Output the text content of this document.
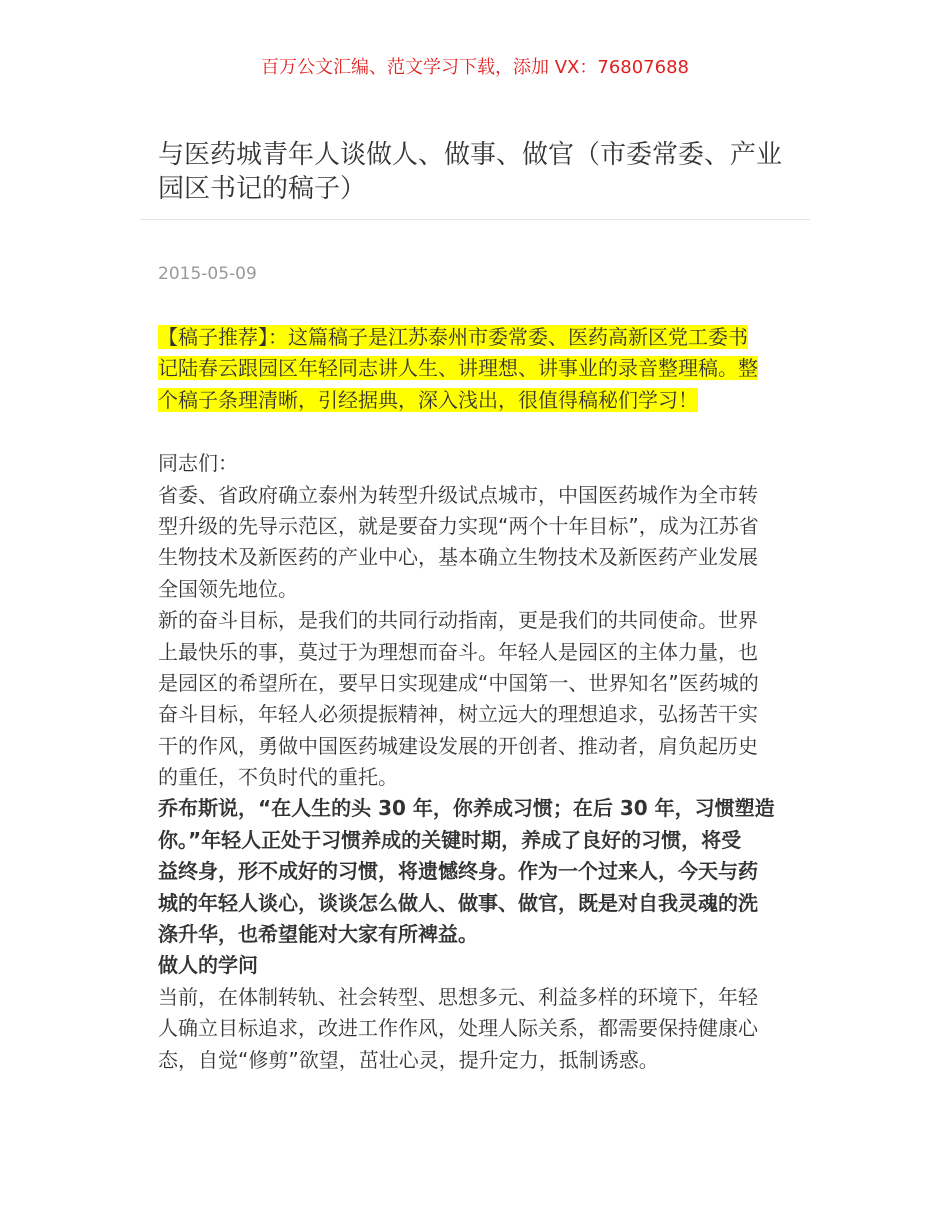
百万公文汇编、范文学习下载，添加 VX：76807688
与医药城青年人谈做人、做事、做官（市委常委、产业
园区书记的稿子）
2015-05-09
【稿子推荐】：这篇稿子是江苏泰州市委常委、医药高新区党工委书
记陆春云跟园区年轻同志讲人生、讲理想、讲事业的录音整理稿。整
个稿子条理清晰，引经据典，深入浅出，很值得稿秘们学习！
同志们：
省委、省政府确立泰州为转型升级试点城市，中国医药城作为全市转
型升级的先导示范区，就是要奋力实现“两个十年目标”，成为江苏省
生物技术及新医药的产业中心，基本确立生物技术及新医药产业发展
全国领先地位。
新的奋斗目标，是我们的共同行动指南，更是我们的共同使命。世界
上最快乐的事，莫过于为理想而奋斗。年轻人是园区的主体力量，也
是园区的希望所在，要早日实现建成“中国第一、世界知名”医药城的
奋斗目标，年轻人必须提振精神，树立远大的理想追求，弘扬苦干实
干的作风，勇做中国医药城建设发展的开创者、推动者，肩负起历史
的重任，不负时代的重托。
乔布斯说，“在人生的头 30 年，你养成习惯；在后 30 年，习惯塑造
你。”年轻人正处于习惯养成的关键时期，养成了良好的习惯，将受
益终身，形不成好的习惯，将遗憾终身。作为一个过来人，今天与药
城的年轻人谈心，谈谈怎么做人、做事、做官，既是对自我灵魂的洗
涤升华，也希望能对大家有所裨益。
做人的学问
当前，在体制转轨、社会转型、思想多元、利益多样的环境下，年轻
人确立目标追求，改进工作作风，处理人际关系，都需要保持健康心
态，自觉“修剪”欲望，茁壮心灵，提升定力，抵制诱惑。
